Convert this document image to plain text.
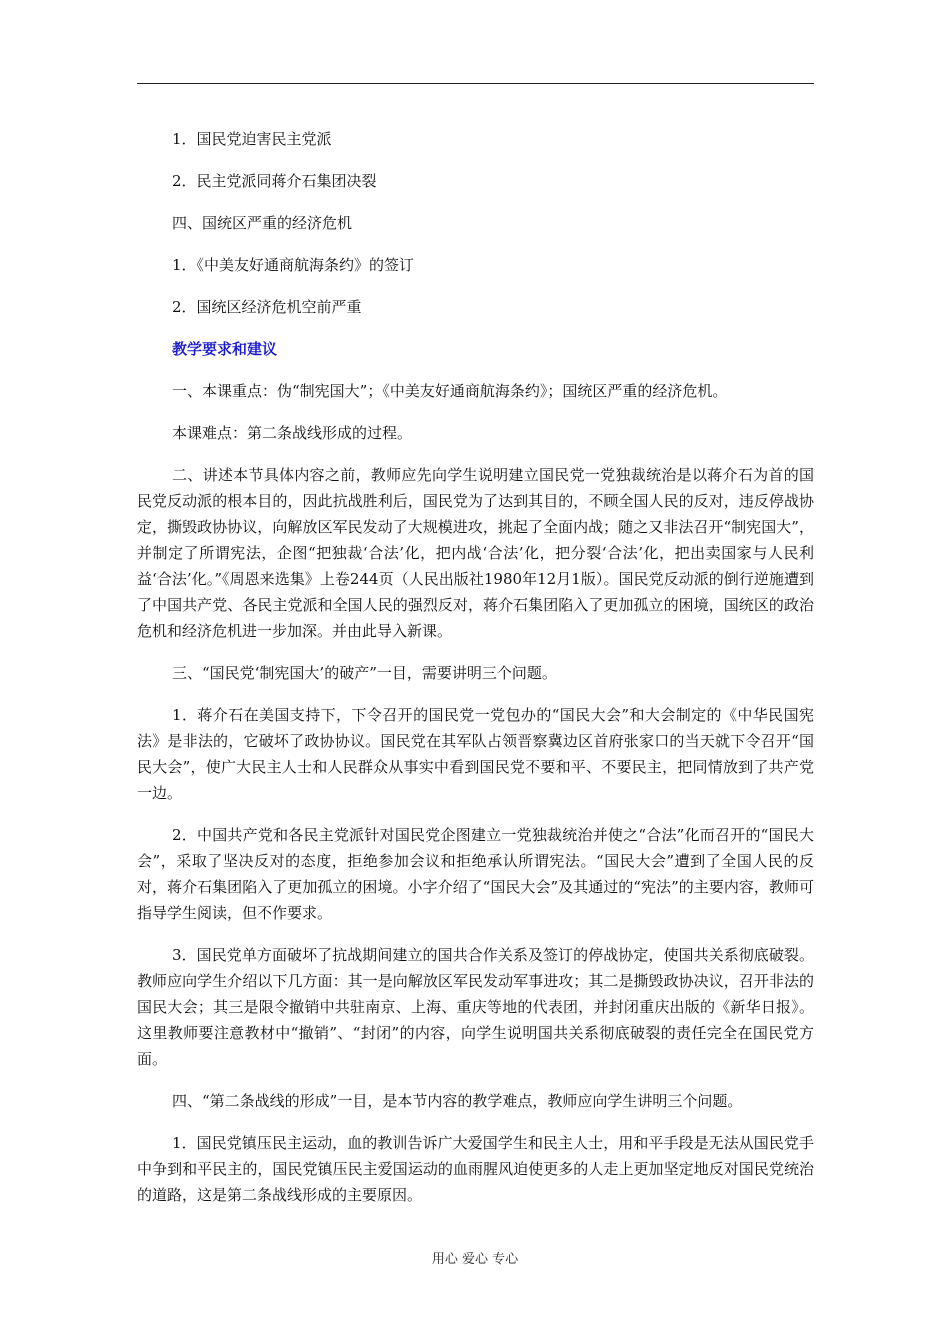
1．国民党迫害民主党派
2．民主党派同蒋介石集团决裂
四、国统区严重的经济危机
1．《中美友好通商航海条约》的签订
2．国统区经济危机空前严重
教学要求和建议
一、本课重点：伪“制宪国大”；《中美友好通商航海条约》；国统区严重的经济危机。
本课难点：第二条战线形成的过程。

二、讲述本节具体内容之前，教师应先向学生说明建立国民党一党独裁统治是以蒋介石为首的国民党反动派的根本目的，因此抗战胜利后，国民党为了达到其目的，不顾全国人民的反对，违反停战协定，撕毁政协协议，向解放区军民发动了大规模进攻，挑起了全面内战；随之又非法召开“制宪国大”，并制定了所谓宪法，企图“把独裁‘合法’化，把内战‘合法’化，把分裂‘合法’化，把出卖国家与人民利益‘合法’化。”《周恩来选集》上卷244页（人民出版社1980年12月1版）。国民党反动派的倒行逆施遭到了中国共产党、各民主党派和全国人民的强烈反对，蒋介石集团陷入了更加孤立的困境，国统区的政治危机和经济危机进一步加深。并由此导入新课。

三、“国民党‘制宪国大’的破产”一目，需要讲明三个问题。

1．蒋介石在美国支持下，下令召开的国民党一党包办的“国民大会”和大会制定的《中华民国宪法》是非法的，它破坏了政协协议。国民党在其军队占领晋察冀边区首府张家口的当天就下令召开“国民大会”，使广大民主人士和人民群众从事实中看到国民党不要和平、不要民主，把同情放到了共产党一边。

2．中国共产党和各民主党派针对国民党企图建立一党独裁统治并使之“合法”化而召开的“国民大会”，采取了坚决反对的态度，拒绝参加会议和拒绝承认所谓宪法。“国民大会”遭到了全国人民的反对，蒋介石集团陷入了更加孤立的困境。小字介绍了“国民大会”及其通过的“宪法”的主要内容，教师可指导学生阅读，但不作要求。

3．国民党单方面破坏了抗战期间建立的国共合作关系及签订的停战协定，使国共关系彻底破裂。教师应向学生介绍以下几方面：其一是向解放区军民发动军事进攻；其二是撕毁政协决议，召开非法的国民大会；其三是限令撤销中共驻南京、上海、重庆等地的代表团，并封闭重庆出版的《新华日报》。这里教师要注意教材中“撤销”、“封闭”的内容，向学生说明国共关系彻底破裂的责任完全在国民党方面。

四、“第二条战线的形成”一目，是本节内容的教学难点，教师应向学生讲明三个问题。

1．国民党镇压民主运动，血的教训告诉广大爱国学生和民主人士，用和平手段是无法从国民党手中争到和平民主的，国民党镇压民主爱国运动的血雨腥风迫使更多的人走上更加坚定地反对国民党统治的道路，这是第二条战线形成的主要原因。

用心 爱心 专心
